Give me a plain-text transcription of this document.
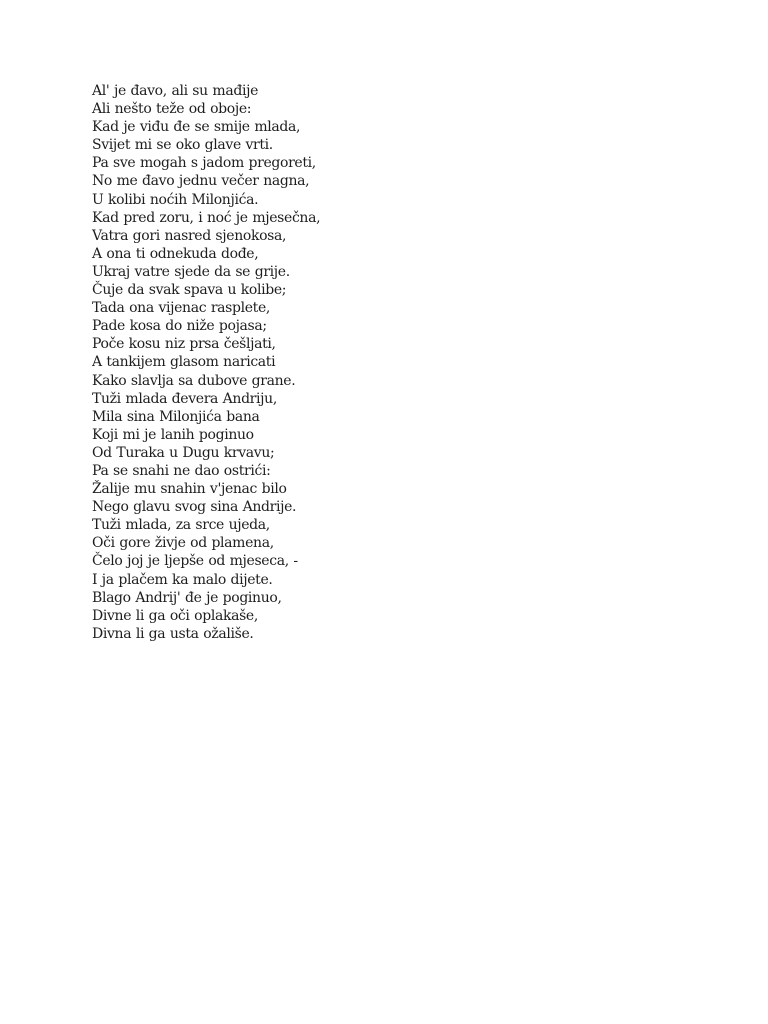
Al' je đavo, ali su mađije
Ali nešto teže od oboje:
Kad je viđu đe se smije mlada,
Svijet mi se oko glave vrti.
Pa sve mogah s jadom pregoreti,
No me đavo jednu večer nagna,
U kolibi noćih Milonjića.
Kad pred zoru, i noć je mjesečna,
Vatra gori nasred sjenokosa,
A ona ti odnekuda dođe,
Ukraj vatre sjede da se grije.
Čuje da svak spava u kolibe;
Tada ona vijenac rasplete,
Pade kosa do niže pojasa;
Poče kosu niz prsa češljati,
A tankijem glasom naricati
Kako slavlja sa dubove grane.
Tuži mlada đevera Andriju,
Mila sina Milonjića bana
Koji mi je lanih poginuo
Od Turaka u Dugu krvavu;
Pa se snahi ne dao ostrići:
Žalije mu snahin v'jenac bilo
Nego glavu svog sina Andrije.
Tuži mlada, za srce ujeda,
Oči gore živje od plamena,
Čelo joj je ljepše od mjeseca, -
I ja plačem ka malo dijete.
Blago Andrij' đe je poginuo,
Divne li ga oči oplakaše,
Divna li ga usta ožališe.
